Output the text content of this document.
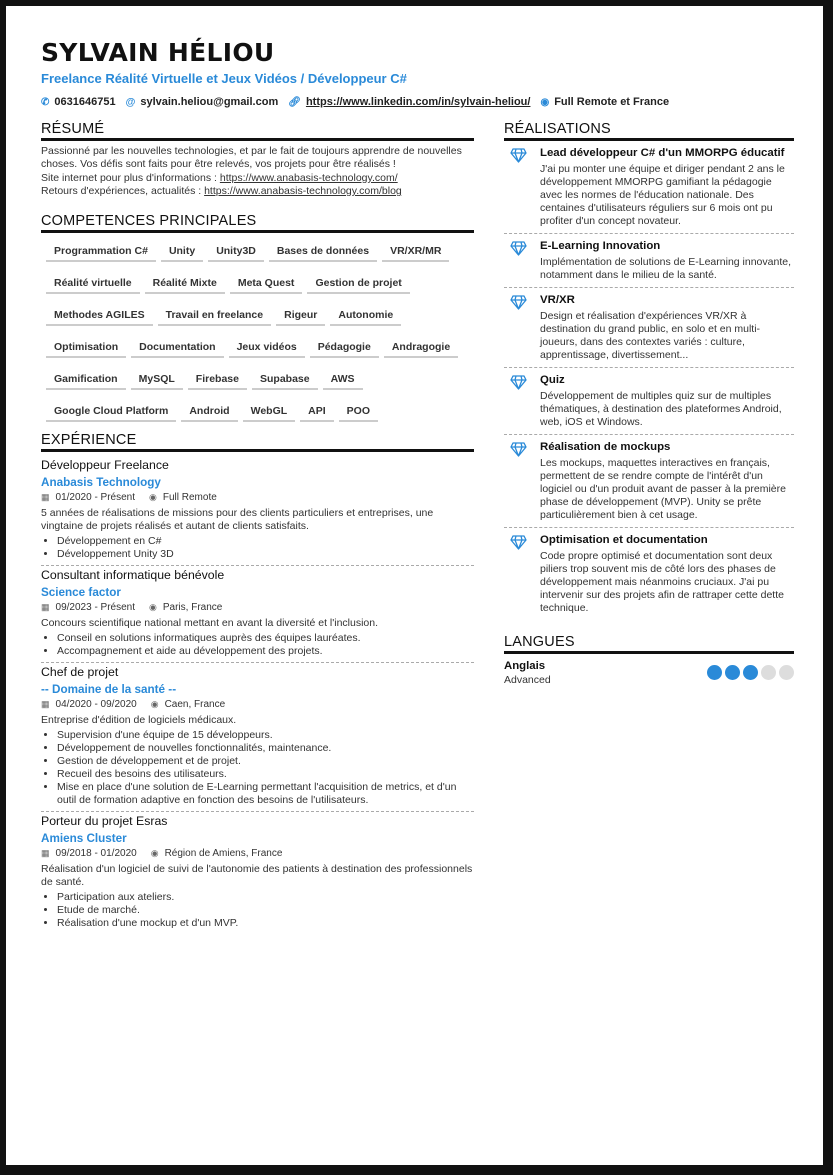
SYLVAIN HÉLIOU
Freelance Réalité Virtuelle et Jeux Vidéos / Développeur C#
✆ 0631646751 @ sylvain.heliou@gmail.com 🔗︎ https://www.linkedin.com/in/sylvain-heliou/ ◉ Full Remote et France
RÉSUMÉ

Passionné par les nouvelles technologies, et par le fait de toujours apprendre de nouvelles choses. Vos défis sont faits pour être relevés, vos projets pour être réalisés !

Site internet pour plus d'informations : https://www.anabasis-technology.com/

Retours d'expériences, actualités : https://www.anabasis-technology.com/blog

COMPETENCES PRINCIPALES
Programmation C#	Unity	Unity3D	Bases de données	VR/XR/MR
Réalité virtuelle	Réalité Mixte	Meta Quest	Gestion de projet
Methodes AGILES	Travail en freelance	Rigeur	Autonomie
Optimisation	Documentation	Jeux vidéos	Pédagogie	Andragogie
Gamification	MySQL	Firebase	Supabase	AWS
Google Cloud Platform	Android	WebGL	API	POO
EXPÉRIENCE
Développeur Freelance
Anabasis Technology
▦ 01/2020 - Présent ◉ Full Remote
5 années de réalisations de missions pour des clients particuliers et entreprises, une vingtaine de projets réalisés et autant de clients satisfaits.
• Développement en C#
• Développement Unity 3D
Consultant informatique bénévole
Science factor
▦ 09/2023 - Présent ◉ Paris, France
Concours scientifique national mettant en avant la diversité et l'inclusion.
• Conseil en solutions informatiques auprès des équipes lauréates.
• Accompagnement et aide au développement des projets.
Chef de projet
-- Domaine de la santé --
▦ 04/2020 - 09/2020 ◉ Caen, France
Entreprise d'édition de logiciels médicaux.
• Supervision d'une équipe de 15 développeurs.
• Développement de nouvelles fonctionnalités, maintenance.
• Gestion de développement et de projet.
• Recueil des besoins des utilisateurs.
• Mise en place d'une solution de E-Learning permettant l'acquisition de metrics, et d'un outil de formation adaptive en fonction des besoins de l'utilisateurs.
Porteur du projet Esras
Amiens Cluster
▦ 09/2018 - 01/2020 ◉ Région de Amiens, France
Réalisation d'un logiciel de suivi de l'autonomie des patients à destination des professionnels de santé.
• Participation aux ateliers.
• Etude de marché.
• Réalisation d'une mockup et d'un MVP.
RÉALISATIONS
Lead développeur C# d'un MMORPG éducatif
J'ai pu monter une équipe et diriger pendant 2 ans le développement MMORPG gamifiant la pédagogie avec les normes de l'éducation nationale. Des centaines d'utilisateurs réguliers sur 6 mois ont pu profiter d'un concept novateur.
E-Learning Innovation
Implémentation de solutions de E-Learning innovante, notamment dans le milieu de la santé.
VR/XR
Design et réalisation d'expériences VR/XR à destination du grand public, en solo et en multi-joueurs, dans des contextes variés : culture, apprentissage, divertissement...
Quiz
Développement de multiples quiz sur de multiples thématiques, à destination des plateformes Android, web, iOS et Windows.
Réalisation de mockups
Les mockups, maquettes interactives en français, permettent de se rendre compte de l'intérêt d'un logiciel ou d'un produit avant de passer à la première phase de développement (MVP). Unity se prête particulièrement bien à cet usage.
Optimisation et documentation
Code propre optimisé et documentation sont deux piliers trop souvent mis de côté lors des phases de développement mais néanmoins cruciaux. J'ai pu intervenir sur des projets afin de rattraper cette dette technique.
LANGUES
Anglais
Advanced
